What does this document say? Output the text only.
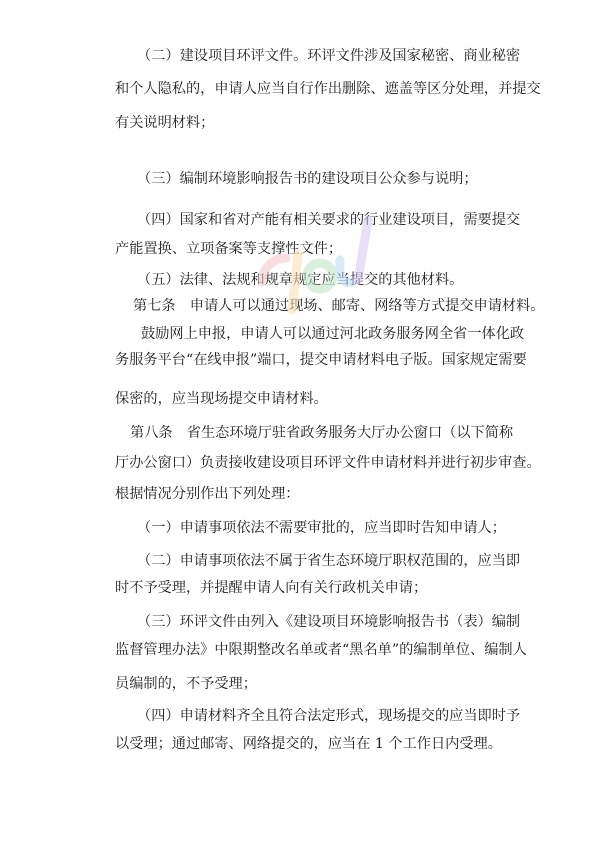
（二）建设项目环评文件。环评文件涉及国家秘密、商业秘密

和个人隐私的，申请人应当自行作出删除、遮盖等区分处理，并提交

有关说明材料；

（三）编制环境影响报告书的建设项目公众参与说明；

（四）国家和省对产能有相关要求的行业建设项目，需要提交

产能置换、立项备案等支撑性文件；

（五）法律、法规和规章规定应当提交的其他材料。

第七条　申请人可以通过现场、邮寄、网络等方式提交申请材料。

鼓励网上申报，申请人可以通过河北政务服务网全省一体化政

务服务平台“在线申报”端口，提交申请材料电子版。国家规定需要

保密的，应当现场提交申请材料。

第八条　省生态环境厅驻省政务服务大厅办公窗口（以下简称

厅办公窗口）负责接收建设项目环评文件申请材料并进行初步审查。

根据情况分别作出下列处理：

（一）申请事项依法不需要审批的，应当即时告知申请人；

（二）申请事项依法不属于省生态环境厅职权范围的，应当即

时不予受理，并提醒申请人向有关行政机关申请；

（三）环评文件由列入《建设项目环境影响报告书（表）编制

监督管理办法》中限期整改名单或者“黑名单”的编制单位、编制人

员编制的，不予受理；

（四）申请材料齐全且符合法定形式，现场提交的应当即时予

以受理；通过邮寄、网络提交的，应当在 1 个工作日内受理。
